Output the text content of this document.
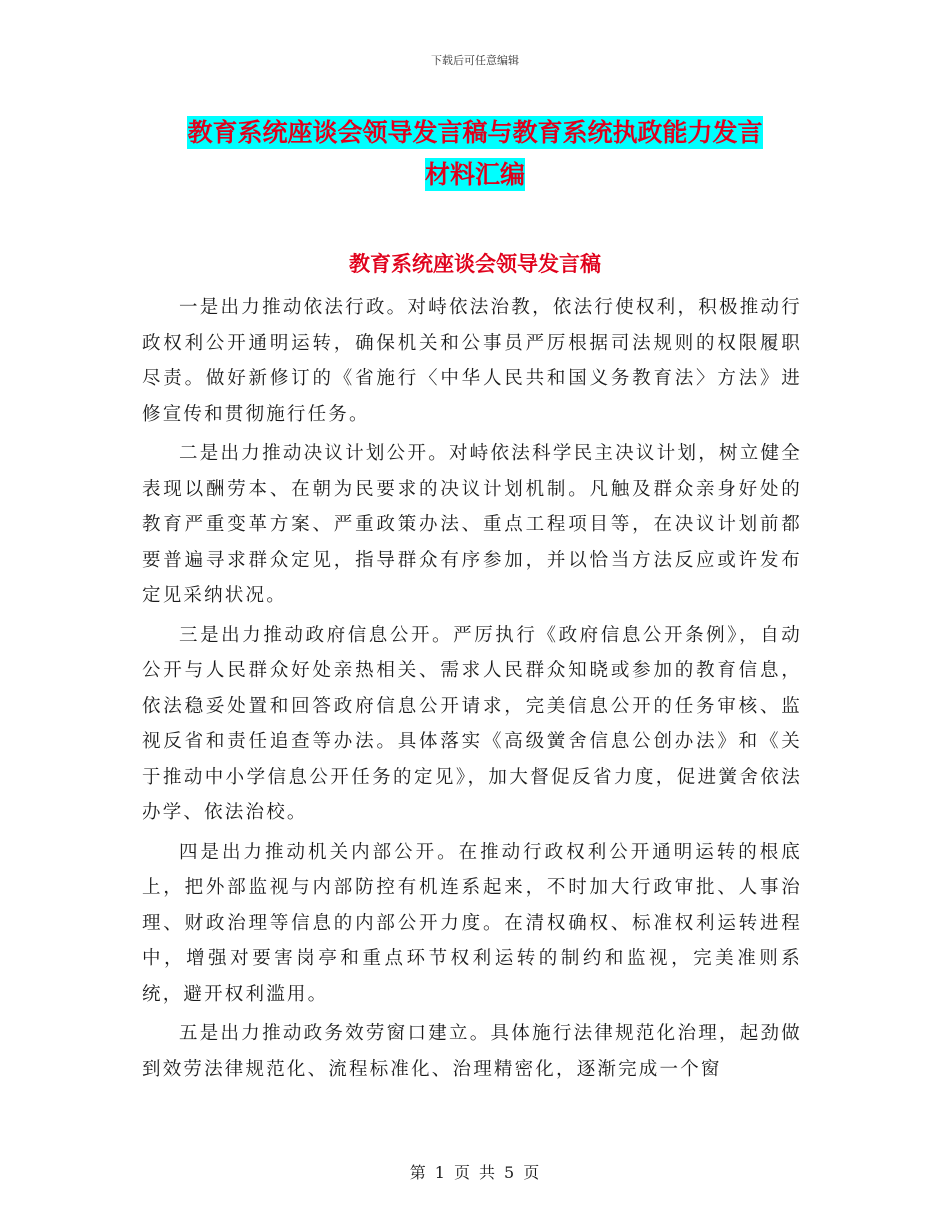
下载后可任意编辑
教育系统座谈会领导发言稿与教育系统执政能力发言
材料汇编
教育系统座谈会领导发言稿

一是出力推动依法行政。对峙依法治教，依法行使权利，积极推动行政权利公开通明运转，确保机关和公事员严厉根据司法规则的权限履职尽责。做好新修订的《省施行〈中华人民共和国义务教育法〉方法》进修宣传和贯彻施行任务。

二是出力推动决议计划公开。对峙依法科学民主决议计划，树立健全表现以酬劳本、在朝为民要求的决议计划机制。凡触及群众亲身好处的教育严重变革方案、严重政策办法、重点工程项目等，在决议计划前都要普遍寻求群众定见，指导群众有序参加，并以恰当方法反应或许发布定见采纳状况。

三是出力推动政府信息公开。严厉执行《政府信息公开条例》，自动公开与人民群众好处亲热相关、需求人民群众知晓或参加的教育信息，依法稳妥处置和回答政府信息公开请求，完美信息公开的任务审核、监视反省和责任追查等办法。具体落实《高级黉舍信息公创办法》和《关于推动中小学信息公开任务的定见》，加大督促反省力度，促进黉舍依法办学、依法治校。

四是出力推动机关内部公开。在推动行政权利公开通明运转的根底上，把外部监视与内部防控有机连系起来，不时加大行政审批、人事治理、财政治理等信息的内部公开力度。在清权确权、标准权利运转进程中，增强对要害岗亭和重点环节权利运转的制约和监视，完美准则系统，避开权利滥用。

五是出力推动政务效劳窗口建立。具体施行法律规范化治理，起劲做到效劳法律规范化、流程标准化、治理精密化，逐渐完成一个窗

第 1 页 共 5 页
